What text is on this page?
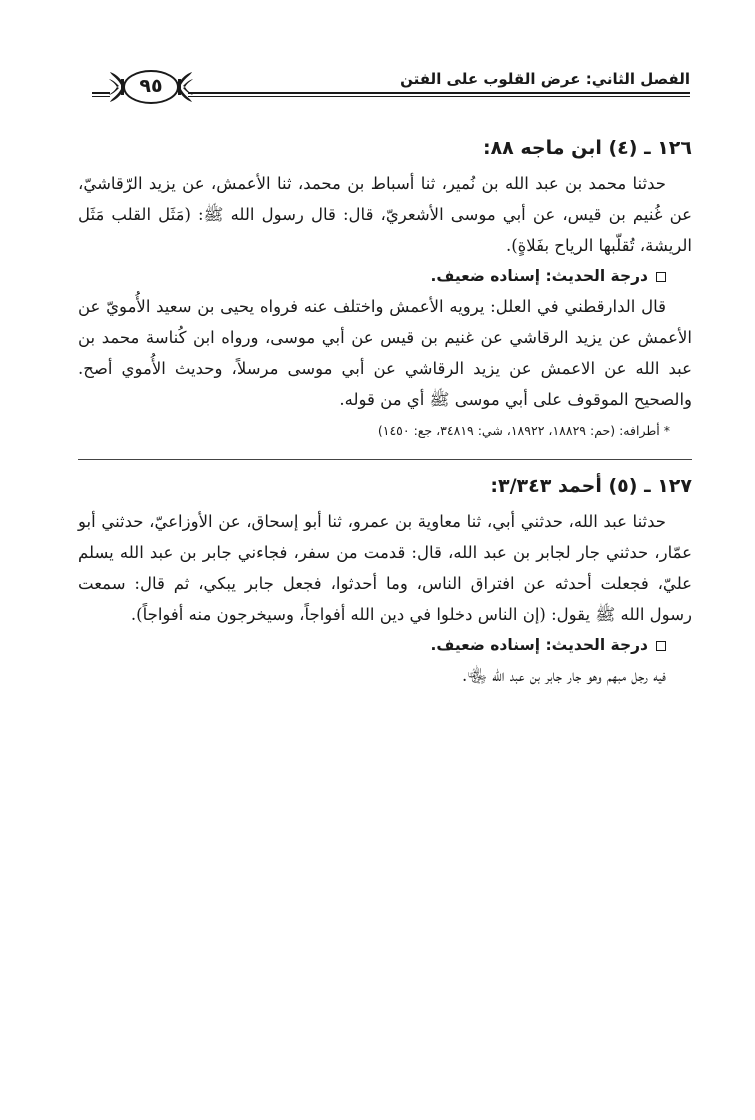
الفصل الثاني: عرض القلوب على الفتن
٩٥
١٢٦ ـ (٤) ابن ماجه ٨٨:

حدثنا محمد بن عبد الله بن نُمير، ثنا أسباط بن محمد، ثنا الأعمش، عن يزيد الرّقاشيّ، عن غُنيم بن قيس، عن أبي موسى الأشعريّ، قال: قال رسول الله ﷺ: (مَثَل القلب مَثَل الريشة، تُقلّبها الرياح بفَلاةٍ).

درجة الحديث: إسناده ضعيف.

قال الدارقطني في العلل: يرويه الأعمش واختلف عنه فرواه يحيى بن سعيد الأُمويّ عن الأعمش عن يزيد الرقاشي عن غنيم بن قيس عن أبي موسى، ورواه ابن كُناسة محمد بن عبد الله عن الاعمش عن يزيد الرقاشي عن أبي موسى مرسلاً، وحديث الأُموي أصح. والصحيح الموقوف على أبي موسى ﷺ أي من قوله.

* أطرافه: (حم: ١٨٨٢٩، ١٨٩٢٢، شي: ٣٤٨١٩، جع: ١٤٥٠)
١٢٧ ـ (٥) أحمد ٣/٣٤٣:

حدثنا عبد الله، حدثني أبي، ثنا معاوية بن عمرو، ثنا أبو إسحاق، عن الأوزاعيّ، حدثني أبو عمّار، حدثني جار لجابر بن عبد الله، قال: قدمت من سفر، فجاءني جابر بن عبد الله يسلم عليّ، فجعلت أحدثه عن افتراق الناس، وما أحدثوا، فجعل جابر يبكي، ثم قال: سمعت رسول الله ﷺ يقول: (إن الناس دخلوا في دين الله أفواجاً، وسيخرجون منه أفواجاً).

درجة الحديث: إسناده ضعيف.

فيه رجل مبهم وهو جار جابر بن عبد الله ﵄.
